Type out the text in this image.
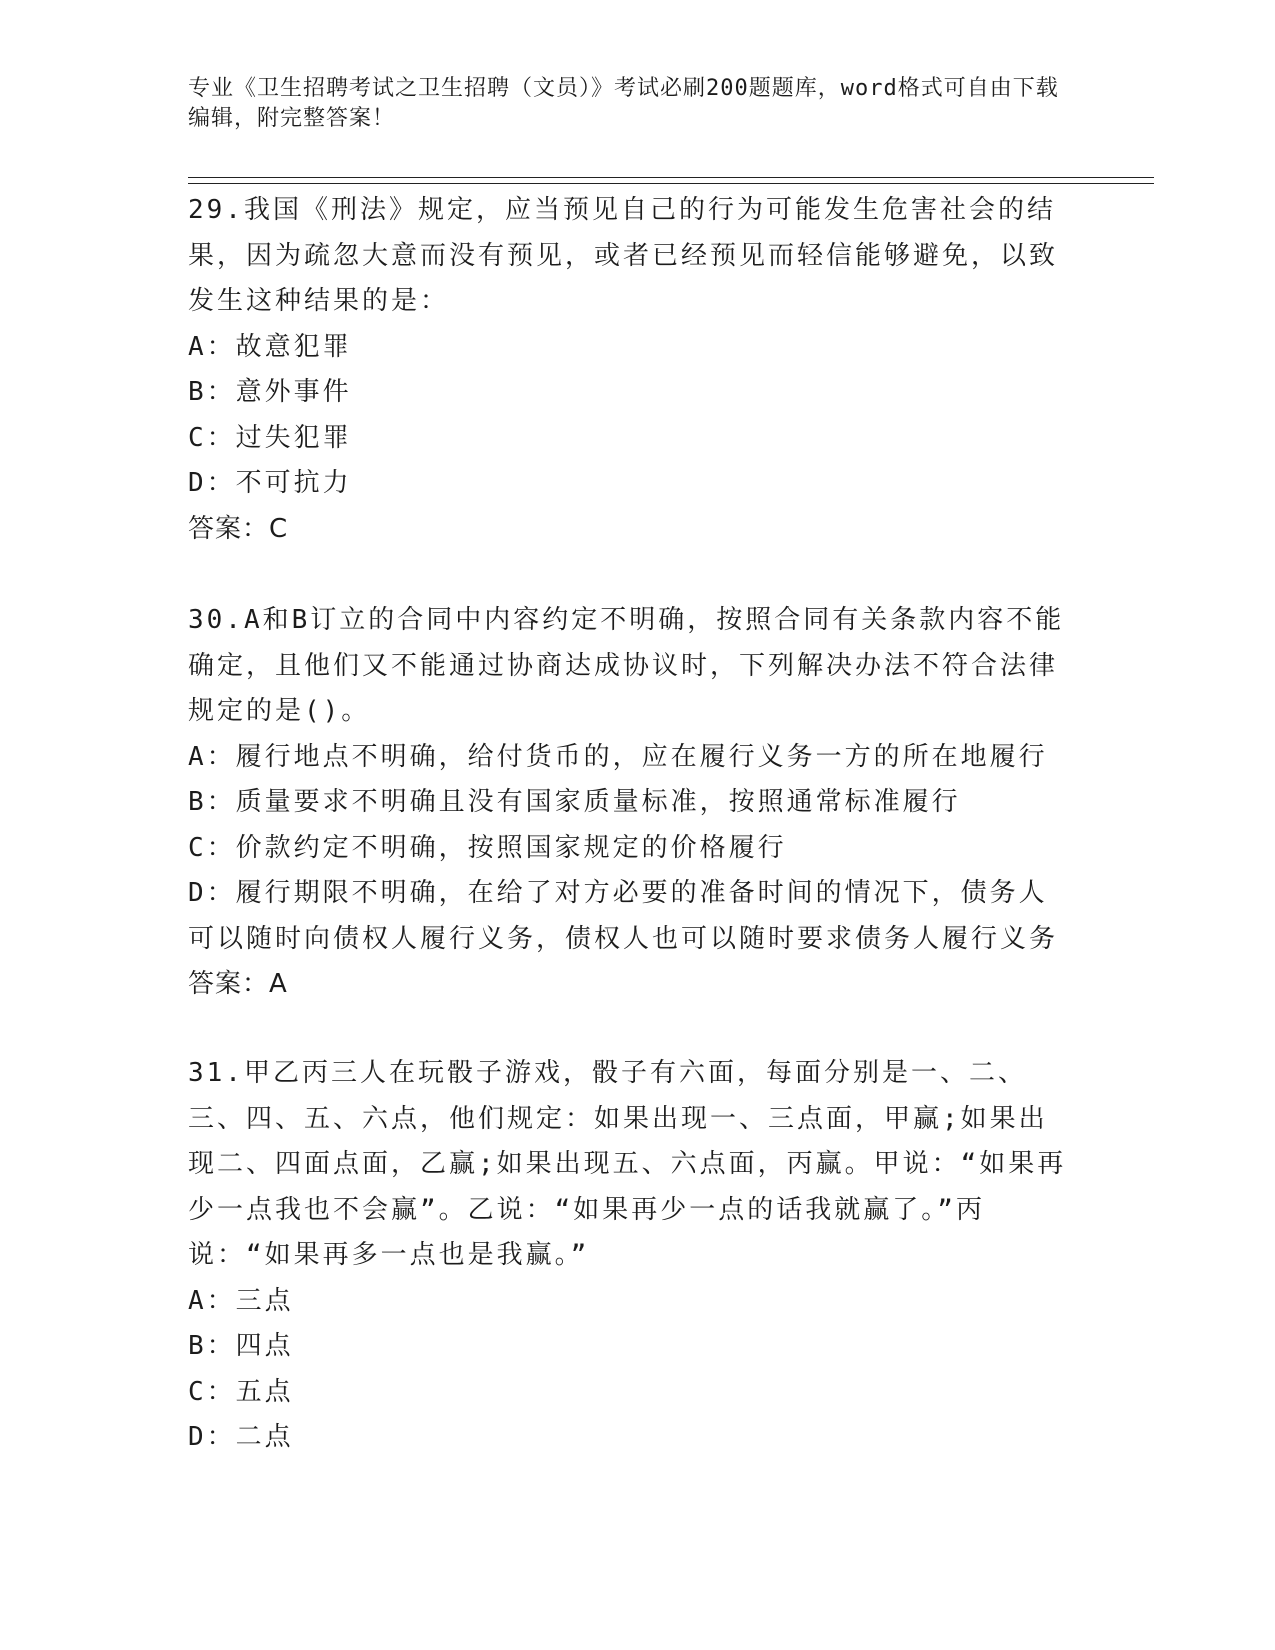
专业《卫生招聘考试之卫生招聘（文员）》考试必刷200题题库，word格式可自由下载编辑，附完整答案！

29.我国《刑法》规定，应当预见自己的行为可能发生危害社会的结果，因为疏忽大意而没有预见，或者已经预见而轻信能够避免，以致发生这种结果的是：

A：故意犯罪

B：意外事件

C：过失犯罪

D：不可抗力

答案：C

30.A和B订立的合同中内容约定不明确，按照合同有关条款内容不能确定，且他们又不能通过协商达成协议时，下列解决办法不符合法律规定的是()。

A：履行地点不明确，给付货币的，应在履行义务一方的所在地履行

B：质量要求不明确且没有国家质量标准，按照通常标准履行

C：价款约定不明确，按照国家规定的价格履行

D：履行期限不明确，在给了对方必要的准备时间的情况下，债务人可以随时向债权人履行义务，债权人也可以随时要求债务人履行义务

答案：A

31.甲乙丙三人在玩骰子游戏，骰子有六面，每面分别是一、二、三、四、五、六点，他们规定：如果出现一、三点面，甲赢;如果出现二、四面点面，乙赢;如果出现五、六点面，丙赢。甲说：“如果再少一点我也不会赢”。乙说：“如果再少一点的话我就赢了。”丙说：“如果再多一点也是我赢。”

A：三点

B：四点

C：五点

D：二点
